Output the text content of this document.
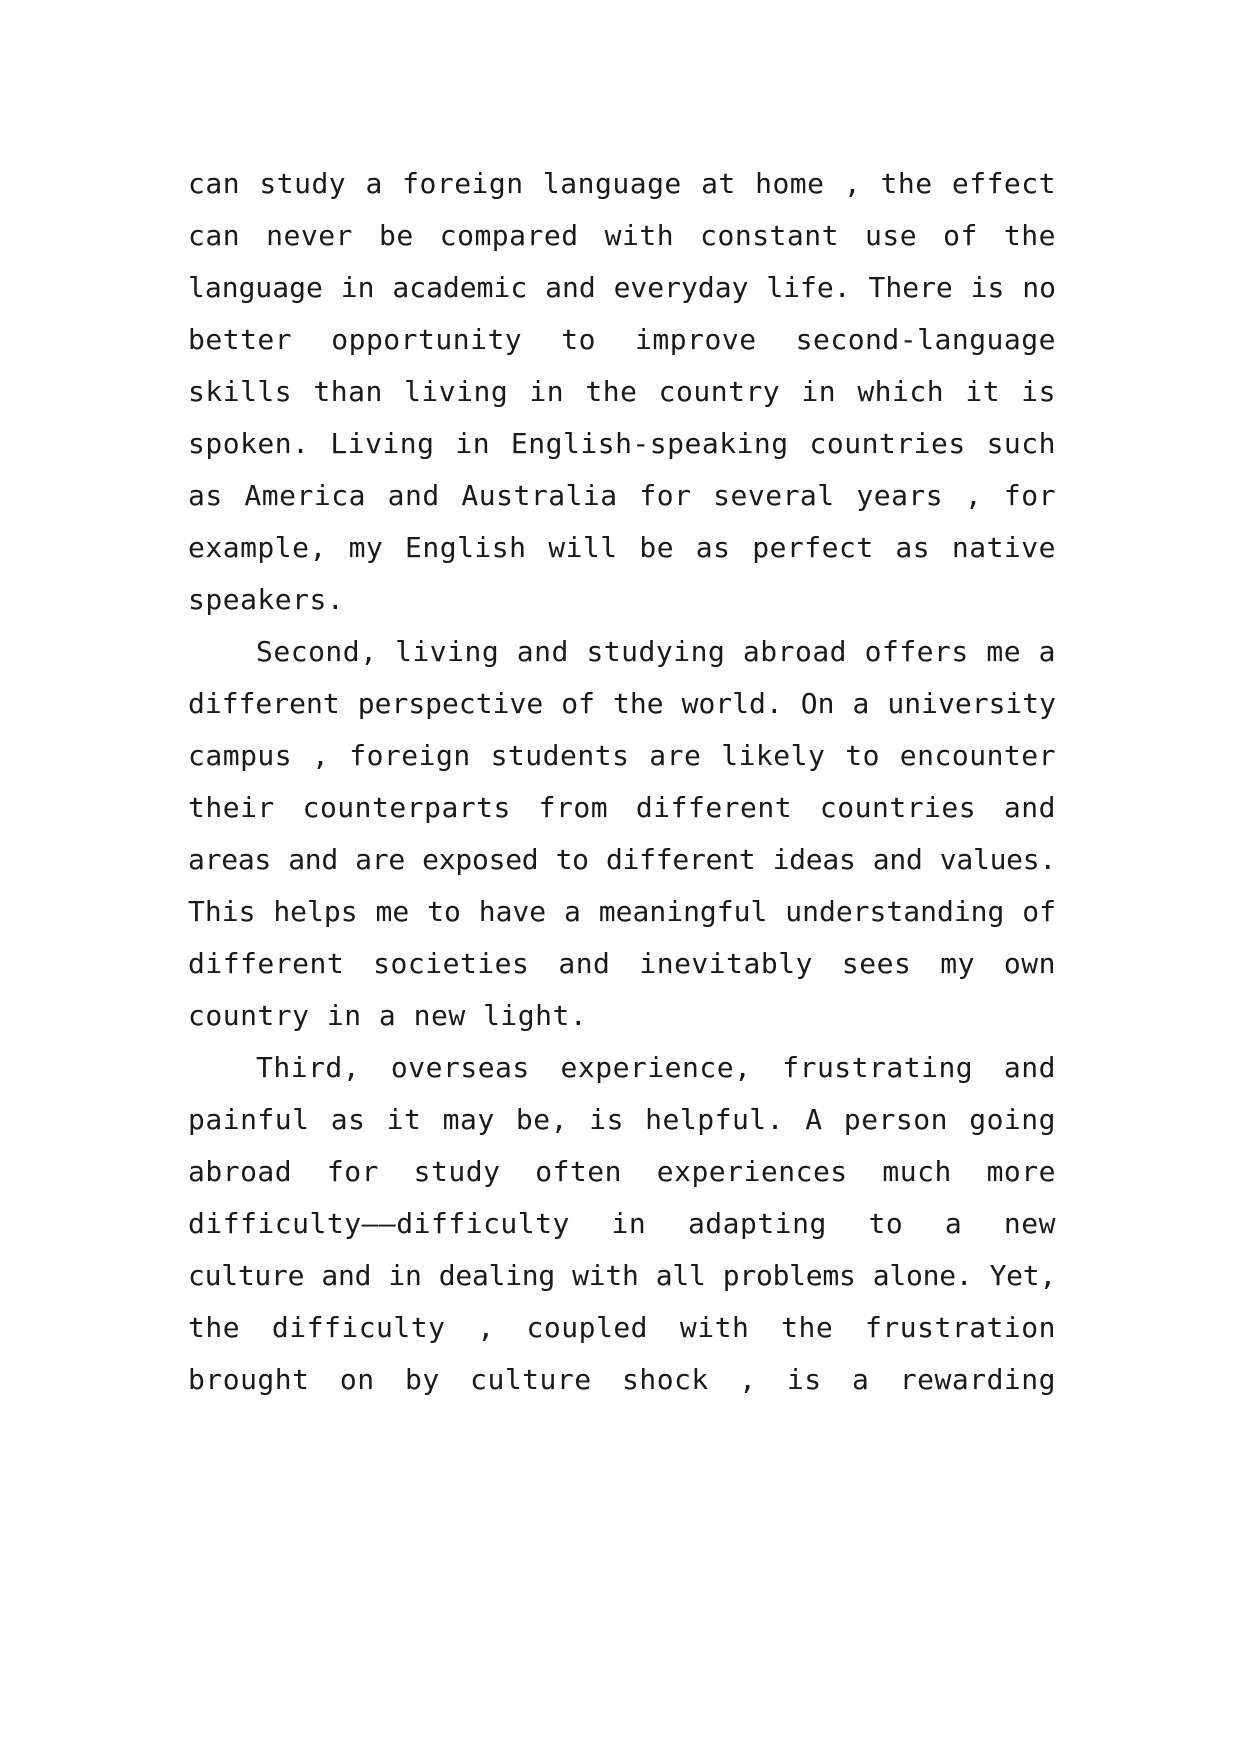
can study a foreign language at home , the effect
can never be compared with constant use of the
language in academic and everyday life. There is no
better opportunity to improve second-language
skills than living in the country in which it is
spoken. Living in English-speaking countries such
as America and Australia for several years , for
example, my English will be as perfect as native
speakers.
Second, living and studying abroad offers me a
different perspective of the world. On a university
campus , foreign students are likely to encounter
their counterparts from different countries and
areas and are exposed to different ideas and values.
This helps me to have a meaningful understanding of
different societies and inevitably sees my own
country in a new light.
Third, overseas experience, frustrating and
painful as it may be, is helpful. A person going
abroad for study often experiences much more
difficulty——difficulty in adapting to a new
culture and in dealing with all problems alone. Yet,
the difficulty , coupled with the frustration
brought on by culture shock , is a rewarding
